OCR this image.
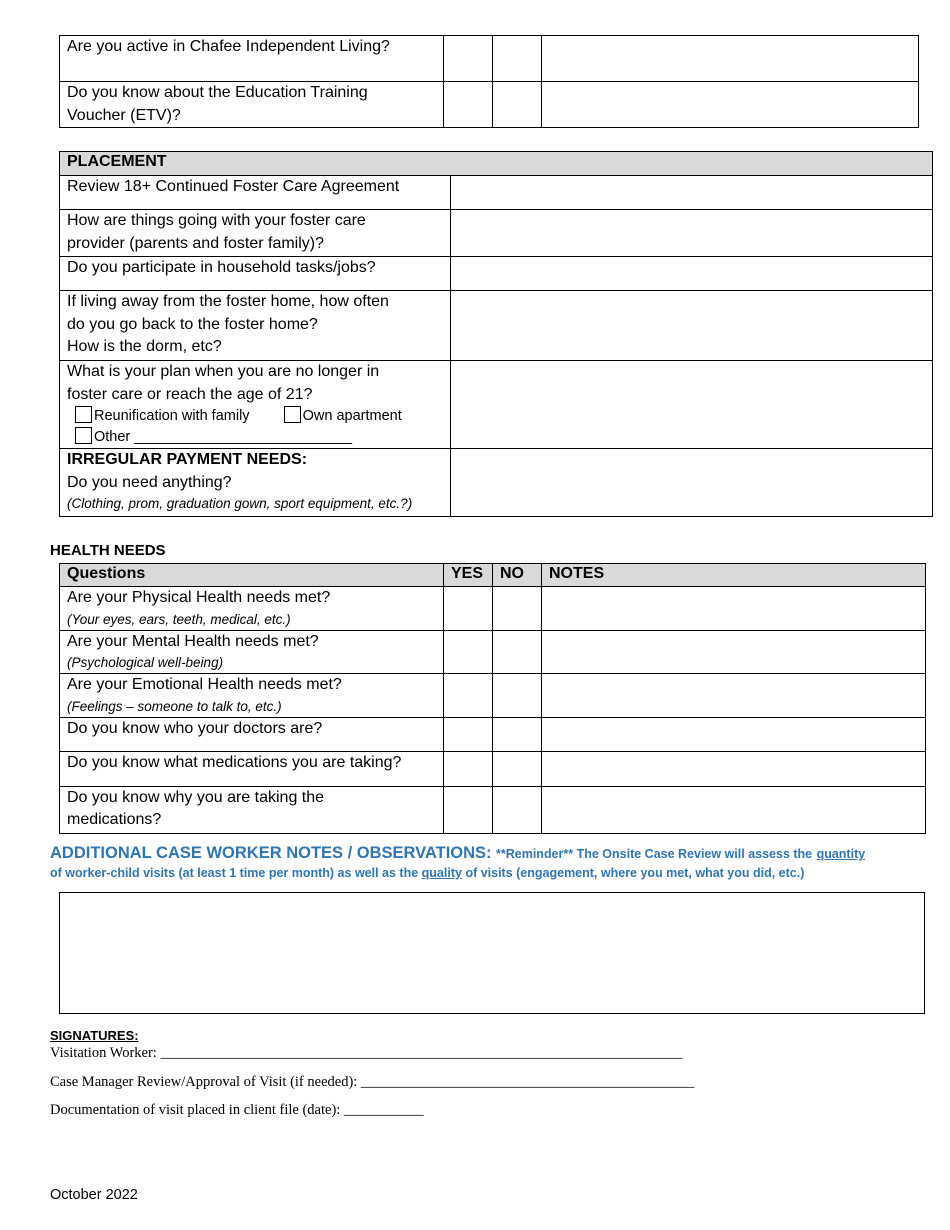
Are you active in Chafee Independent Living?			

Do you know about the Education Training
Voucher (ETV)?			

PLACEMENT	

Review 18+ Continued Foster Care Agreement	

How are things going with your foster care
provider (parents and foster family)?	

Do you participate in household tasks/jobs?	

If living away from the foster home, how often
do you go back to the foster home?
How is the dorm, etc?	

What is your plan when you are no longer in
foster care or reach the age of 21?
Reunification with family Own apartment
Other ___________________________	

IRREGULAR PAYMENT NEEDS:
Do you need anything?
(Clothing, prom, graduation gown, sport equipment, etc.?)	

HEALTH NEEDS
Questions	YES	NO	NOTES

Are your Physical Health needs met?
(Your eyes, ears, teeth, medical, etc.)			

Are your Mental Health needs met?
(Psychological well-being)			

Are your Emotional Health needs met?
(Feelings – someone to talk to, etc.)			

Do you know who your doctors are?			

Do you know what medications you are taking?			

Do you know why you are taking the
medications?			

ADDITIONAL CASE WORKER NOTES / OBSERVATIONS: **Reminder** The Onsite Case Review will assess the quantity
of worker-child visits (at least 1 time per month) as well as the quality of visits (engagement, where you met, what you did, etc.)
SIGNATURES:
Visitation Worker: ________________________________________________________________________
Case Manager Review/Approval of Visit (if needed): ______________________________________________
Documentation of visit placed in client file (date): ___________
October 2022
